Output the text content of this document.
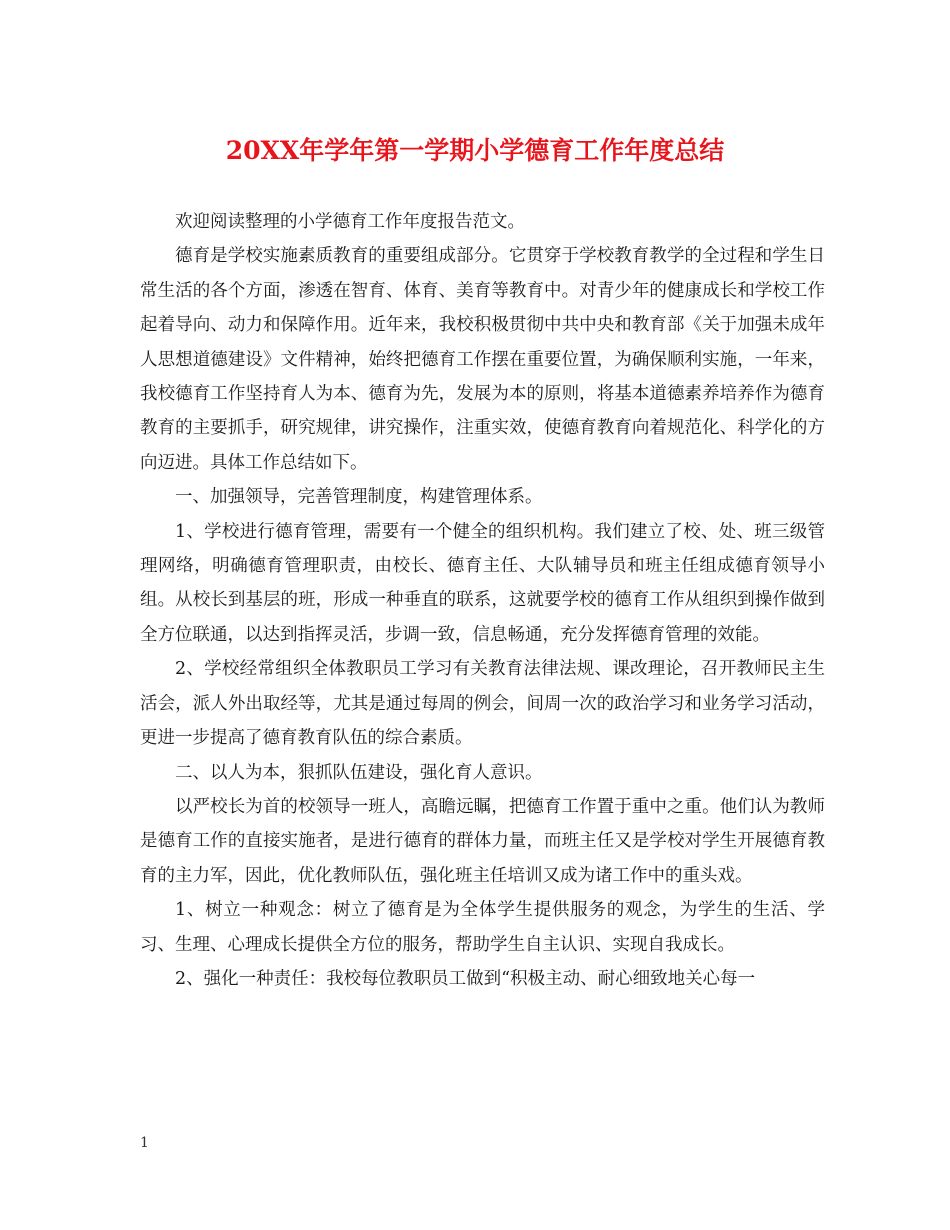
20XX年学年第一学期小学德育工作年度总结

欢迎阅读整理的小学德育工作年度报告范文。

德育是学校实施素质教育的重要组成部分。它贯穿于学校教育教学的全过程和学生日常生活的各个方面，渗透在智育、体育、美育等教育中。对青少年的健康成长和学校工作起着导向、动力和保障作用。近年来，我校积极贯彻中共中央和教育部《关于加强未成年人思想道德建设》文件精神，始终把德育工作摆在重要位置，为确保顺利实施，一年来，我校德育工作坚持育人为本、德育为先，发展为本的原则，将基本道德素养培养作为德育教育的主要抓手，研究规律，讲究操作，注重实效，使德育教育向着规范化、科学化的方向迈进。具体工作总结如下。

一、加强领导，完善管理制度，构建管理体系。

1、学校进行德育管理，需要有一个健全的组织机构。我们建立了校、处、班三级管理网络，明确德育管理职责，由校长、德育主任、大队辅导员和班主任组成德育领导小组。从校长到基层的班，形成一种垂直的联系，这就要学校的德育工作从组织到操作做到全方位联通，以达到指挥灵活，步调一致，信息畅通，充分发挥德育管理的效能。

2、学校经常组织全体教职员工学习有关教育法律法规、课改理论，召开教师民主生活会，派人外出取经等，尤其是通过每周的例会，间周一次的政治学习和业务学习活动，更进一步提高了德育教育队伍的综合素质。

二、以人为本，狠抓队伍建设，强化育人意识。

以严校长为首的校领导一班人，高瞻远瞩，把德育工作置于重中之重。他们认为教师是德育工作的直接实施者，是进行德育的群体力量，而班主任又是学校对学生开展德育教育的主力军，因此，优化教师队伍，强化班主任培训又成为诸工作中的重头戏。

1、树立一种观念：树立了德育是为全体学生提供服务的观念，为学生的生活、学习、生理、心理成长提供全方位的服务，帮助学生自主认识、实现自我成长。

2、强化一种责任：我校每位教职员工做到“积极主动、耐心细致地关心每一

1
